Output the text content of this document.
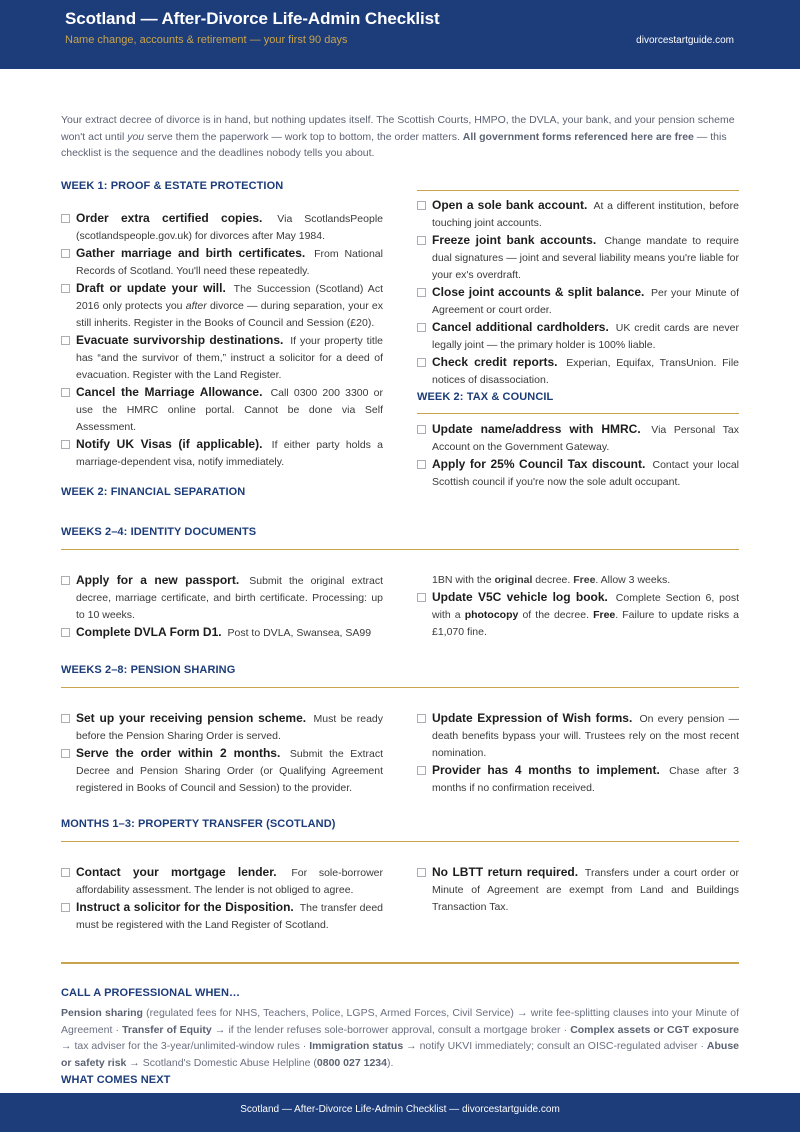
Scotland — After-Divorce Life-Admin Checklist
Name change, accounts & retirement — your first 90 days	divorcestartguide.com
Your extract decree of divorce is in hand, but nothing updates itself. The Scottish Courts, HMPO, the DVLA, your bank, and your pension scheme won't act until you serve them the paperwork — work top to bottom, the order matters. All government forms referenced here are free — this checklist is the sequence and the deadlines nobody tells you about.
WEEK 1: PROOF & ESTATE PROTECTION
Order extra certified copies. Via ScotlandsPeople (scotlandspeople.gov.uk) for divorces after May 1984.
Gather marriage and birth certificates. From National Records of Scotland. You'll need these repeatedly.
Draft or update your will. The Succession (Scotland) Act 2016 only protects you after divorce — during separation, your ex still inherits. Register in the Books of Council and Session (£20).
Evacuate survivorship destinations. If your property title has “and the survivor of them,” instruct a solicitor for a deed of evacuation. Register with the Land Register.
Cancel the Marriage Allowance. Call 0300 200 3300 or use the HMRC online portal. Cannot be done via Self Assessment.
Notify UK Visas (if applicable). If either party holds a marriage-dependent visa, notify immediately.
WEEK 2: FINANCIAL SEPARATION
Open a sole bank account. At a different institution, before touching joint accounts.
Freeze joint bank accounts. Change mandate to require dual signatures — joint and several liability means you're liable for your ex's overdraft.
Close joint accounts & split balance. Per your Minute of Agreement or court order.
Cancel additional cardholders. UK credit cards are never legally joint — the primary holder is 100% liable.
Check credit reports. Experian, Equifax, TransUnion. File notices of disassociation.
WEEK 2: TAX & COUNCIL
Update name/address with HMRC. Via Personal Tax Account on the Government Gateway.
Apply for 25% Council Tax discount. Contact your local Scottish council if you're now the sole adult occupant.
WEEKS 2–4: IDENTITY DOCUMENTS
Apply for a new passport. Submit the original extract decree, marriage certificate, and birth certificate. Processing: up to 10 weeks.
Complete DVLA Form D1. Post to DVLA, Swansea, SA99
1BN with the original decree. Free. Allow 3 weeks.
Update V5C vehicle log book. Complete Section 6, post with a photocopy of the decree. Free. Failure to update risks a £1,070 fine.
WEEKS 2–8: PENSION SHARING
Set up your receiving pension scheme. Must be ready before the Pension Sharing Order is served.
Serve the order within 2 months. Submit the Extract Decree and Pension Sharing Order (or Qualifying Agreement registered in Books of Council and Session) to the provider.
Update Expression of Wish forms. On every pension — death benefits bypass your will. Trustees rely on the most recent nomination.
Provider has 4 months to implement. Chase after 3 months if no confirmation received.
MONTHS 1–3: PROPERTY TRANSFER (SCOTLAND)
Contact your mortgage lender. For sole-borrower affordability assessment. The lender is not obliged to agree.
Instruct a solicitor for the Disposition. The transfer deed must be registered with the Land Register of Scotland.
No LBTT return required. Transfers under a court order or Minute of Agreement are exempt from Land and Buildings Transaction Tax.
CALL A PROFESSIONAL WHEN…
Pension sharing (regulated fees for NHS, Teachers, Police, LGPS, Armed Forces, Civil Service) → write fee-splitting clauses into your Minute of Agreement · Transfer of Equity → if the lender refuses sole-borrower approval, consult a mortgage broker · Complex assets or CGT exposure → tax adviser for the 3-year/unlimited-window rules · Immigration status → notify UKVI immediately; consult an OISC-regulated adviser · Abuse or safety risk → Scotland's Domestic Abuse Helpline (0800 027 1234).
WHAT COMES NEXT
Scotland — After-Divorce Life-Admin Checklist — divorcestartguide.com
